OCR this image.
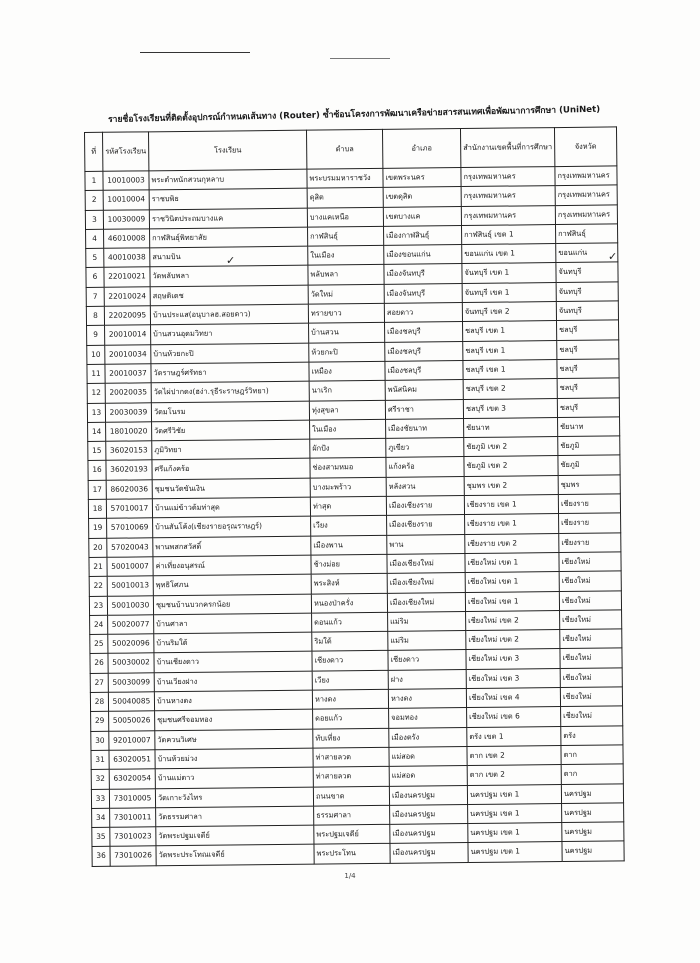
รายชื่อโรงเรียนที่ติดตั้งอุปกรณ์กำหนดเส้นทาง (Router) ซ้ำซ้อนโครงการพัฒนาเครือข่ายสารสนเทศเพื่อพัฒนาการศึกษา (UniNet)
ที่	รหัสโรงเรียน	โรงเรียน	ตำบล	อำเภอ	สำนักงานเขตพื้นที่การศึกษา	จังหวัด
1	10010003	พระตำหนักสวนกุหลาบ	พระบรมมหาราชวัง	เขตพระนคร	กรุงเทพมหานคร	กรุงเทพมหานคร
2	10010004	ราชบพิธ	ดุสิต	เขตดุสิต	กรุงเทพมหานคร	กรุงเทพมหานคร
3	10030009	ราชวินิตประถมบางแค	บางแคเหนือ	เขตบางแค	กรุงเทพมหานคร	กรุงเทพมหานคร
4	46010008	กาฬสินธุ์พิทยาสัย	กาฬสินธุ์	เมืองกาฬสินธุ์	กาฬสินธุ์ เขต 1	กาฬสินธุ์
5	40010038	สนามบิน	ในเมือง	เมืองขอนแก่น	ขอนแก่น เขต 1	ขอนแก่น
6	22010021	วัดพลับพลา	พลับพลา	เมืองจันทบุรี	จันทบุรี เขต 1	จันทบุรี
7	22010024	สฤษดิเดช	วัดใหม่	เมืองจันทบุรี	จันทบุรี เขต 1	จันทบุรี
8	22020095	บ้านประแส(อนุบาลฮ.สอยดาว)	ทรายขาว	สอยดาว	จันทบุรี เขต 2	จันทบุรี
9	20010014	บ้านสวนอุดมวิทยา	บ้านสวน	เมืองชลบุรี	ชลบุรี เขต 1	ชลบุรี
10	20010034	บ้านห้วยกะปิ	ห้วยกะปิ	เมืองชลบุรี	ชลบุรี เขต 1	ชลบุรี
11	20010037	วัดราษฎร์ศรัทธา	เหมือง	เมืองชลบุรี	ชลบุรี เขต 1	ชลบุรี
12	20020035	วัดไผ่ปากดง(ฮง่า.รุธีระราษฎร์วิทยา)	นาเริก	พนัสนิคม	ชลบุรี เขต 2	ชลบุรี
13	20030039	วัดมโนรม	ทุ่งสุขลา	ศรีราชา	ชลบุรี เขต 3	ชลบุรี
14	18010020	วัดศรีวิชัย	ในเมือง	เมืองชัยนาท	ชัยนาท	ชัยนาท
15	36020153	ภูมิวิทยา	ผักปัง	ภูเขียว	ชัยภูมิ เขต 2	ชัยภูมิ
16	36020193	ศรีแก้งคร้อ	ช่องสามหมอ	แก้งคร้อ	ชัยภูมิ เขต 2	ชัยภูมิ
17	86020036	ชุมชนวัดขันเงิน	บางมะพร้าว	หลังสวน	ชุมพร เขต 2	ชุมพร
18	57010017	บ้านแม่ข้าวต้มท่าสุด	ท่าสุด	เมืองเชียงราย	เชียงราย เขต 1	เชียงราย
19	57010069	บ้านสันโค้ง(เชียงรายอรุณราษฎร์)	เวียง	เมืองเชียงราย	เชียงราย เขต 1	เชียงราย
20	57020043	พานพสกสวัสดิ์	เมืองพาน	พาน	เชียงราย เขต 2	เชียงราย
21	50010007	ค่าเที่ยงอนุสรณ์	ช้างม่อย	เมืองเชียงใหม่	เชียงใหม่ เขต 1	เชียงใหม่
22	50010013	พุทธิโศภน	พระสิงห์	เมืองเชียงใหม่	เชียงใหม่ เขต 1	เชียงใหม่
23	50010030	ชุมชนบ้านบวกครกน้อย	หนองป่าครั่ง	เมืองเชียงใหม่	เชียงใหม่ เขต 1	เชียงใหม่
24	50020077	บ้านศาลา	ดอนแก้ว	แม่ริม	เชียงใหม่ เขต 2	เชียงใหม่
25	50020096	บ้านริมใต้	ริมใต้	แม่ริม	เชียงใหม่ เขต 2	เชียงใหม่
26	50030002	บ้านเชียงดาว	เชียงดาว	เชียงดาว	เชียงใหม่ เขต 3	เชียงใหม่
27	50030099	บ้านเวียงฝาง	เวียง	ฝาง	เชียงใหม่ เขต 3	เชียงใหม่
28	50040085	บ้านหางดง	หางดง	หางดง	เชียงใหม่ เขต 4	เชียงใหม่
29	50050026	ชุมชนศรีจอมทอง	ดอยแก้ว	จอมทอง	เชียงใหม่ เขต 6	เชียงใหม่
30	92010007	วัดควนวิเศษ	ทับเที่ยง	เมืองตรัง	ตรัง เขต 1	ตรัง
31	63020051	บ้านห้วยม่วง	ท่าสายลวด	แม่สอด	ตาก เขต 2	ตาก
32	63020054	บ้านแม่ตาว	ท่าสายลวด	แม่สอด	ตาก เขต 2	ตาก
33	73010005	วัดเกาะวังไทร	ถนนขาด	เมืองนครปฐม	นครปฐม เขต 1	นครปฐม
34	73010011	วัดธรรมศาลา	ธรรมศาลา	เมืองนครปฐม	นครปฐม เขต 1	นครปฐม
35	73010023	วัดพระปฐมเจดีย์	พระปฐมเจดีย์	เมืองนครปฐม	นครปฐม เขต 1	นครปฐม
36	73010026	วัดพระประโทณเจดีย์	พระประโทน	เมืองนครปฐม	นครปฐม เขต 1	นครปฐม
✓	✓
1/4
